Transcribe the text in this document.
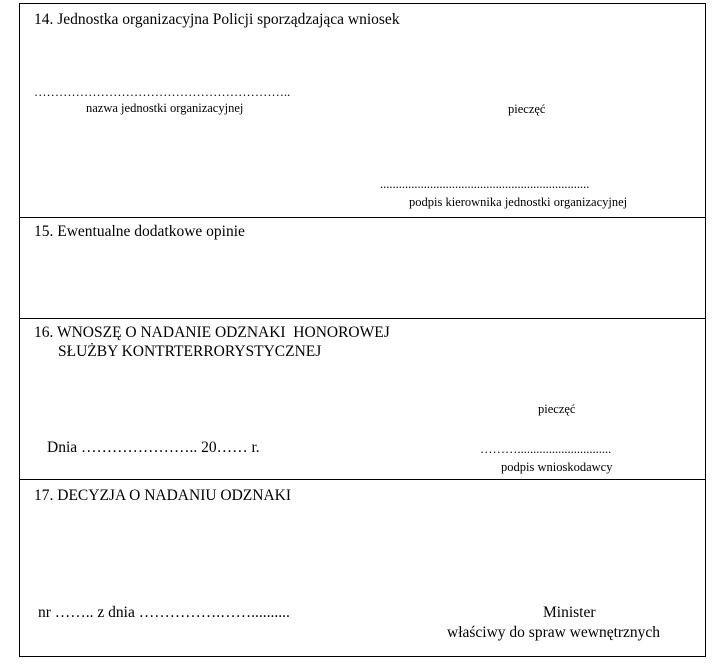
14. Jednostka organizacyjna Policji sporządzająca wniosek
……………………………………………………..
nazwa jednostki organizacyjnej	pieczęć
...................................................................
podpis kierownika jednostki organizacyjnej
15. Ewentualne dodatkowe opinie
16. WNOSZĘ O NADANIE ODZNAKI  HONOROWEJ
SŁUŻBY KONTRTERRORYSTYCZNEJ
pieczęć
Dnia ………………….. 20…… r.	………..............................
podpis wnioskodawcy
17. DECYZJA O NADANIU ODZNAKI
nr …….. z dnia …………….……..........	Minister
właściwy do spraw wewnętrznych
